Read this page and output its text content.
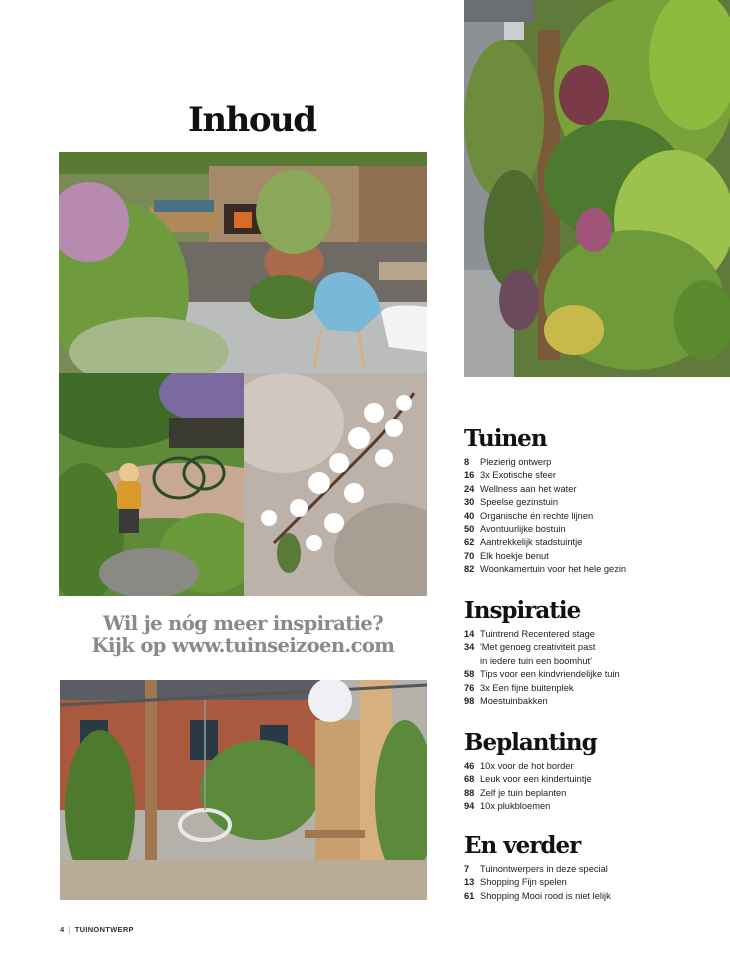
Inhoud
Wil je nóg meer inspiratie?
Kijk op www.tuinseizoen.com
Tuinen
8	Plezierig ontwerp
16 3x Exotische sfeer
24 Wellness aan het water
30 Speelse gezinstuin
40 Organische én rechte lijnen
50 Avontuurlijke bostuin
62 Aantrekkelijk stadstuintje
70 Elk hoekje benut
82 Woonkamertuin voor het hele gezin
Inspiratie
14 Tuintrend Recentered stage
34 'Met genoeg creativiteit past
in iedere tuin een boomhut'
58 Tips voor een kindvriendelijke tuin
76 3x Een fijne buitenplek
98 Moestuinbakken
Beplanting
46 10x voor de hot border
68 Leuk voor een kindertuintje
88 Zelf je tuin beplanten
94 10x plukbloemen
En verder
7	Tuinontwerpers in deze special
13 Shopping Fijn spelen
61 Shopping Mooi rood is niet lelijk
4 | TUINONTWERP
